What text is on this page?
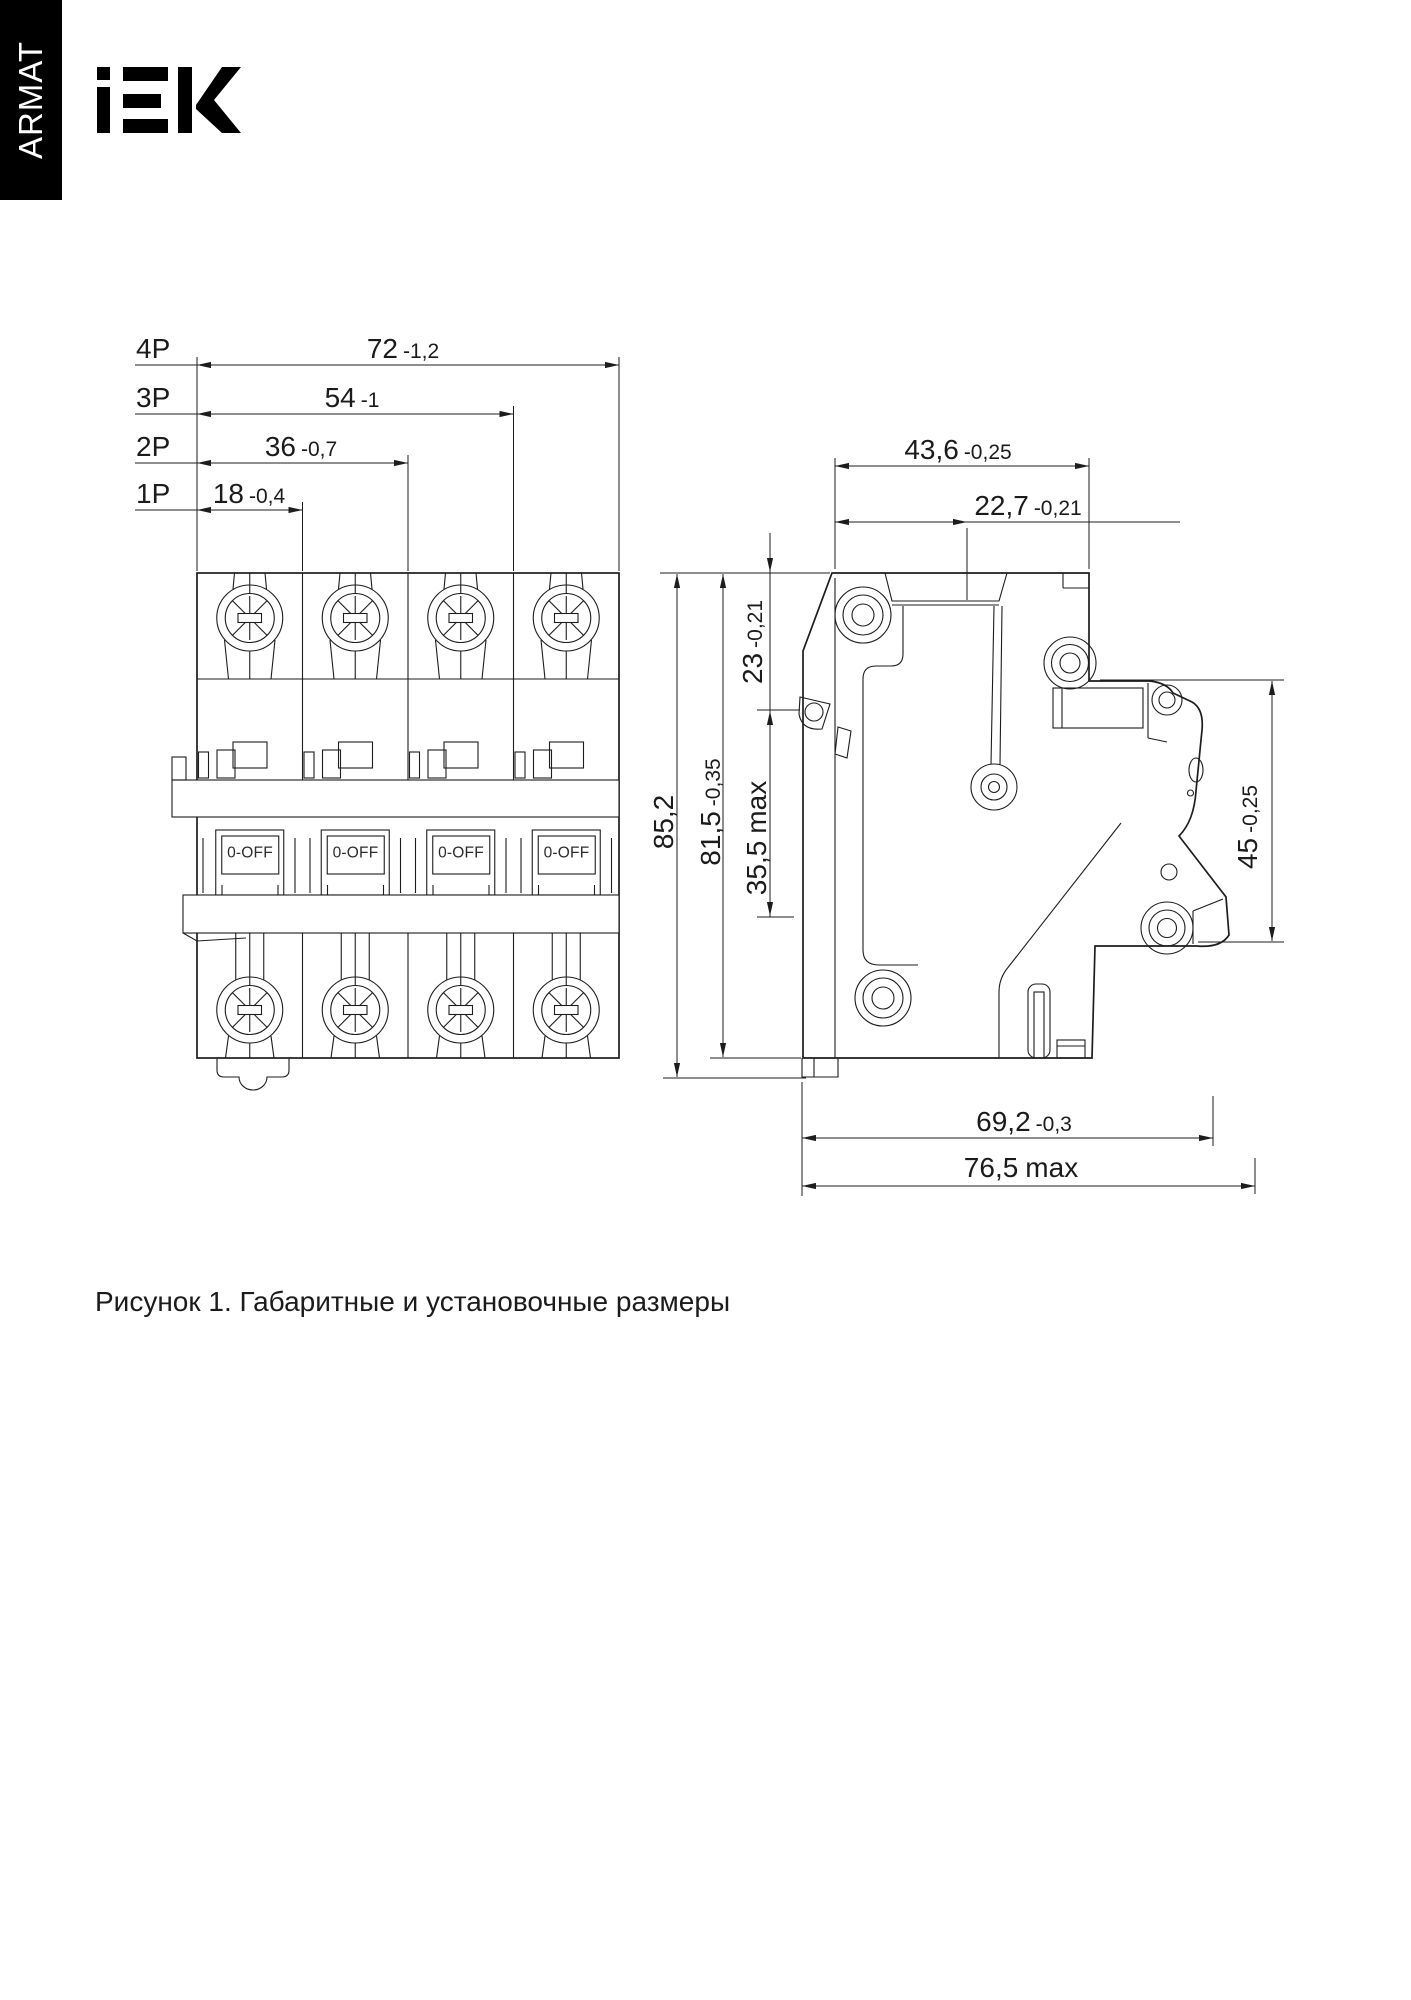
ARMAT
4P
3P
2P
1P
72 -1,2
54 -1
36 -0,7
18 -0,4
43,6 -0,25
22,7 -0,21
23-0,21
35,5max
81,5-0,35
85,2
45-0,25
69,2 -0,3
76,5 max
0-OFF	0-OFF	0-OFF	0-OFF
Рисунок 1. Габаритные и установочные размеры
